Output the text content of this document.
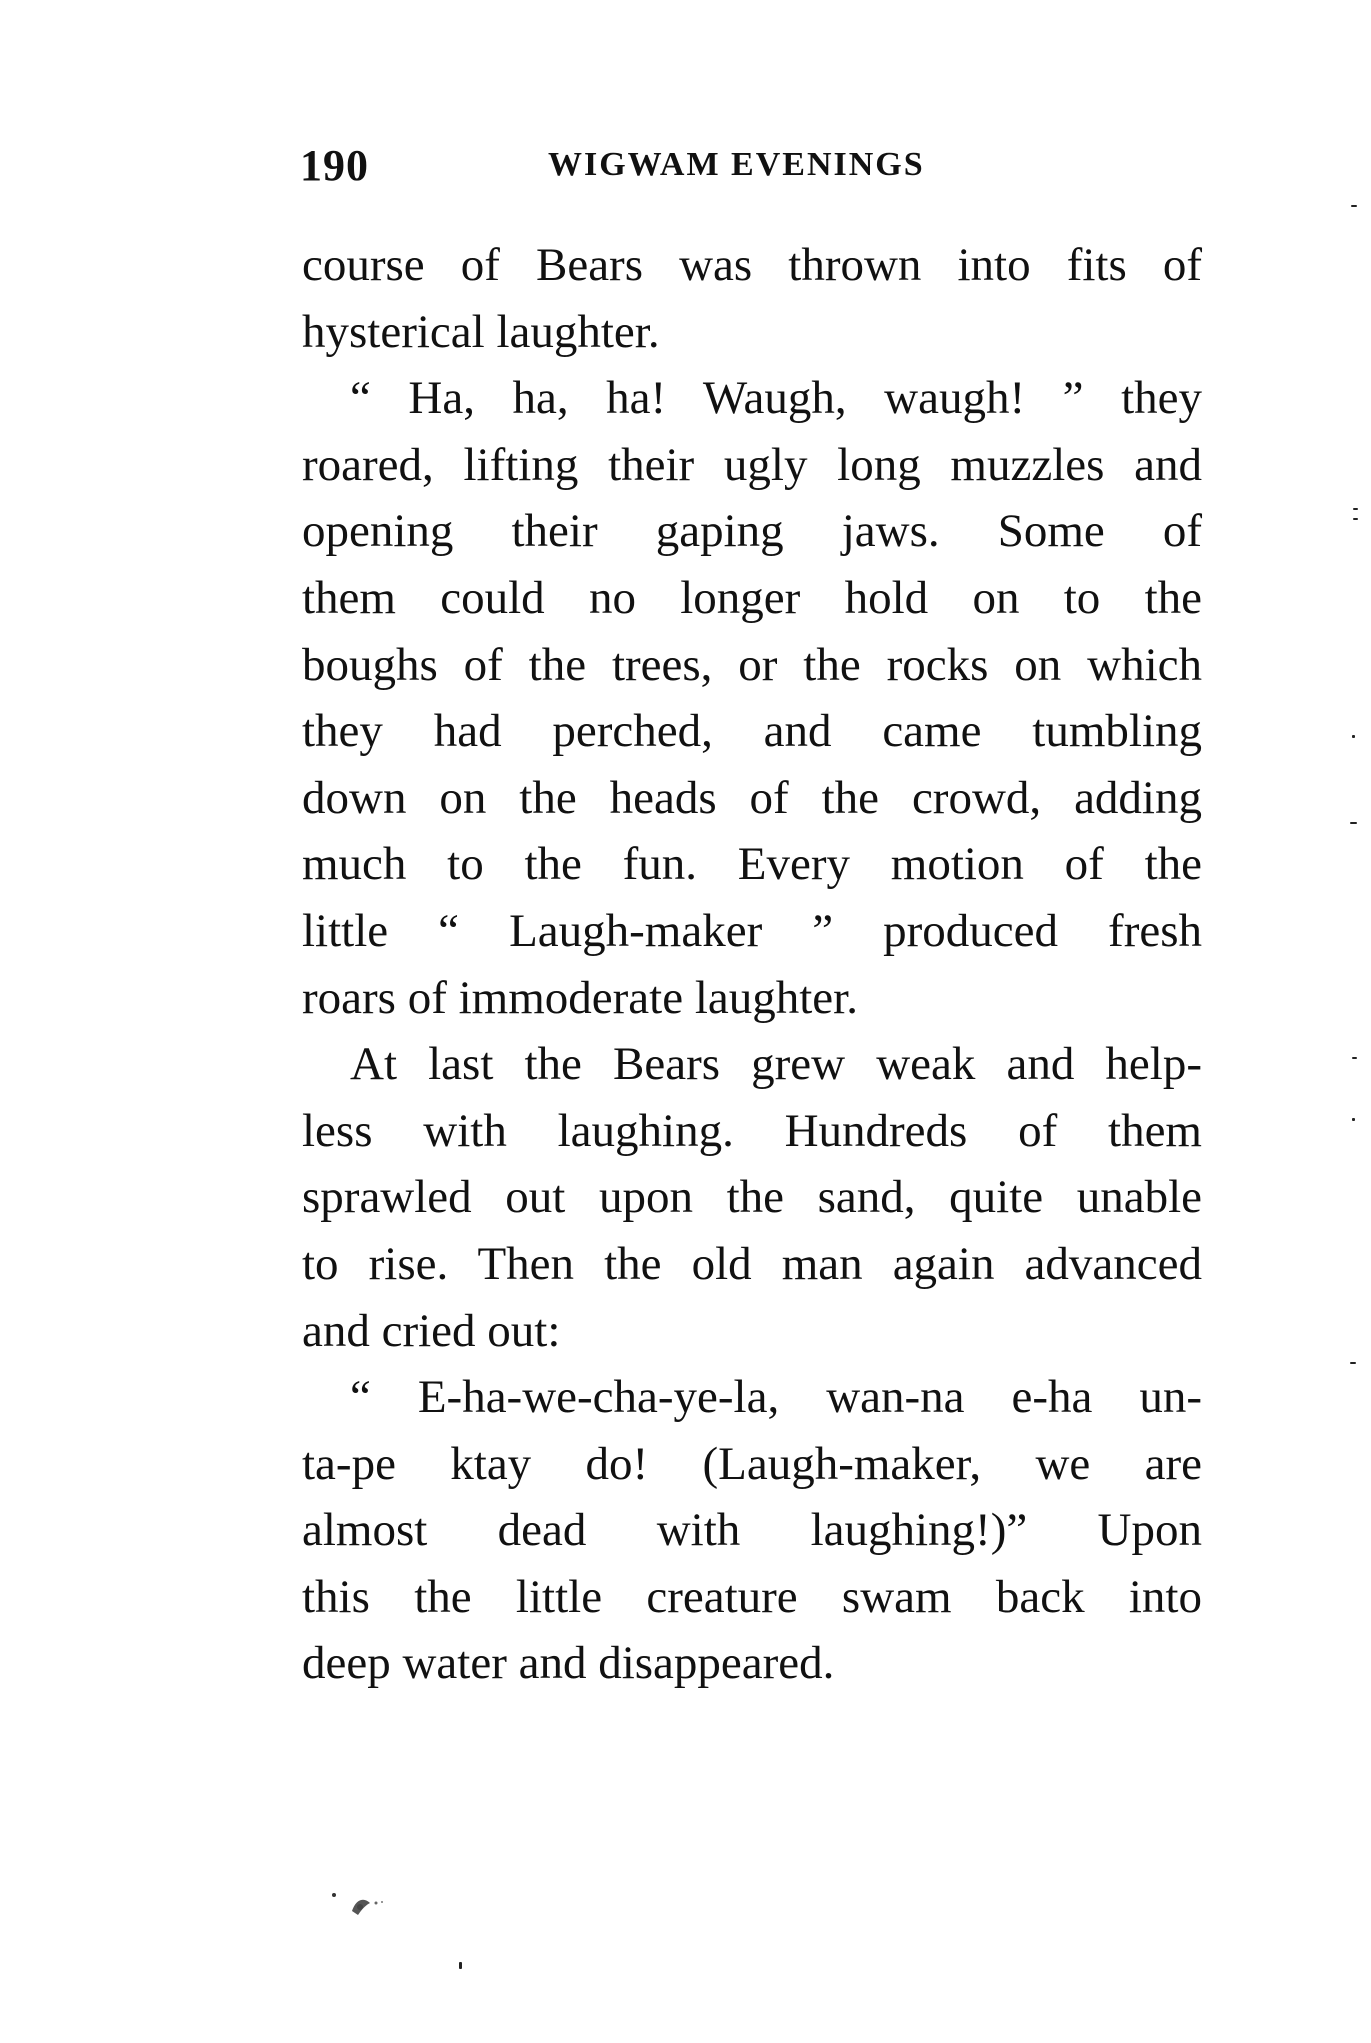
190	WIGWAM EVENINGS
course of Bears was thrown into fits of
hysterical laughter.
“ Ha, ha, ha! Waugh, waugh! ” they
roared, lifting their ugly long muzzles and
opening their gaping jaws. Some of
them could no longer hold on to the
boughs of the trees, or the rocks on which
they had perched, and came tumbling
down on the heads of the crowd, adding
much to the fun. Every motion of the
little “ Laugh-maker ” produced fresh
roars of immoderate laughter.
At last the Bears grew weak and help-
less with laughing. Hundreds of them
sprawled out upon the sand, quite unable
to rise. Then the old man again advanced
and cried out:
“ E-ha-we-cha-ye-la, wan-na e-ha un-
ta-pe ktay do! (Laugh-maker, we are
almost dead with laughing!)” Upon
this the little creature swam back into
deep water and disappeared.
